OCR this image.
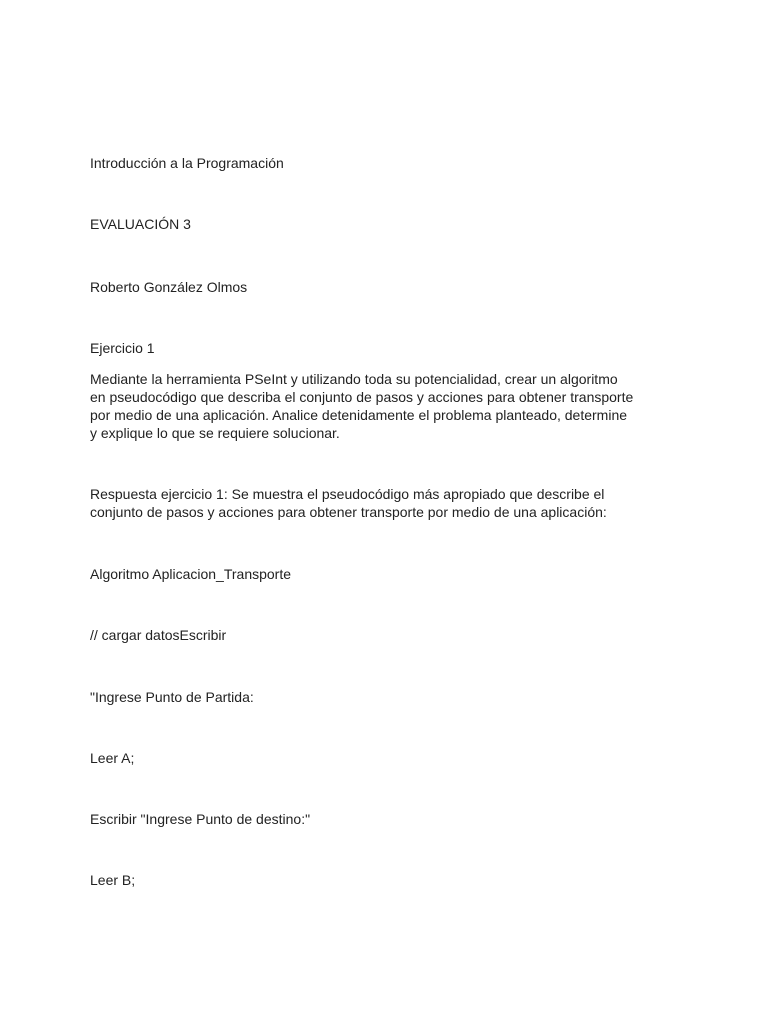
Introducción a la Programación

EVALUACIÓN 3

Roberto González Olmos

Ejercicio 1

Mediante la herramienta PSeInt y utilizando toda su potencialidad, crear un algoritmo
en pseudocódigo que describa el conjunto de pasos y acciones para obtener transporte
por medio de una aplicación. Analice detenidamente el problema planteado, determine
y explique lo que se requiere solucionar.

Respuesta ejercicio 1: Se muestra el pseudocódigo más apropiado que describe el
conjunto de pasos y acciones para obtener transporte por medio de una aplicación:

Algoritmo Aplicacion_Transporte

// cargar datosEscribir

"Ingrese Punto de Partida:

Leer A;

Escribir "Ingrese Punto de destino:"

Leer B;
